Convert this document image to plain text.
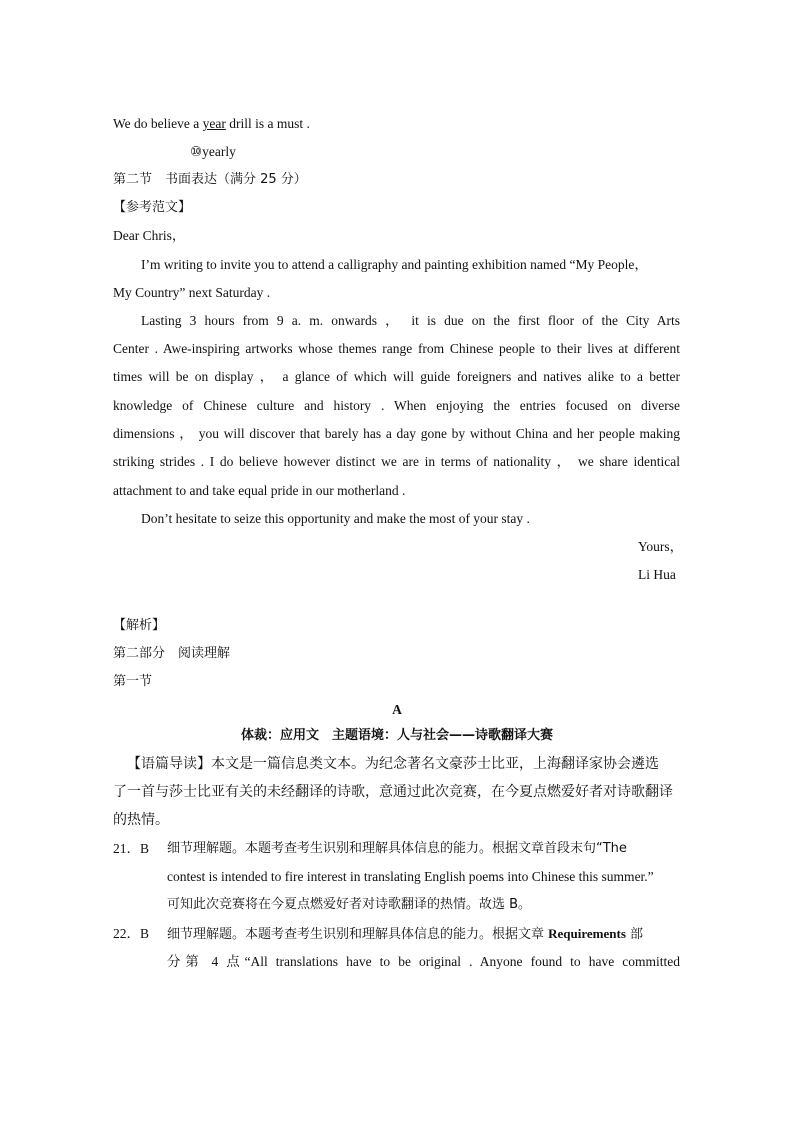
We do believe a year drill is a must .
⑩yearly
第二节　书面表达（满分 25 分）
【参考范文】
Dear Chris，
I’m writing to invite you to attend a calligraphy and painting exhibition named “My People，
My Country” next Saturday .
Lasting 3 hours from 9 a. m. onwards ， it is due on the first floor of the City Arts
Center . Awe-inspiring artworks whose themes range from Chinese people to their lives at different
times will be on display ， a glance of which will guide foreigners and natives alike to a better
knowledge of Chinese culture and history . When enjoying the entries focused on diverse
dimensions ， you will discover that barely has a day gone by without China and her people making
striking strides . I do believe however distinct we are in terms of nationality ， we share identical
attachment to and take equal pride in our motherland .
Don’t hesitate to seize this opportunity and make the most of your stay .
Yours，
Li Hua
【解析】
第二部分　阅读理解
第一节
A
体裁：应用文　主题语境：人与社会——诗歌翻译大赛
【语篇导读】本文是一篇信息类文本。为纪念著名文豪莎士比亚，上海翻译家协会遴选
了一首与莎士比亚有关的未经翻译的诗歌，意通过此次竞赛，在今夏点燃爱好者对诗歌翻译
的热情。
21．B 细节理解题。本题考查考生识别和理解具体信息的能力。根据文章首段末句“The
contest is intended to fire interest in translating English poems into Chinese this summer.”
可知此次竞赛将在今夏点燃爱好者对诗歌翻译的热情。故选 B。
22．B 细节理解题。本题考查考生识别和理解具体信息的能力。根据文章 Requirements 部
分第 4 点“All translations have to be original . Anyone found to have committed
